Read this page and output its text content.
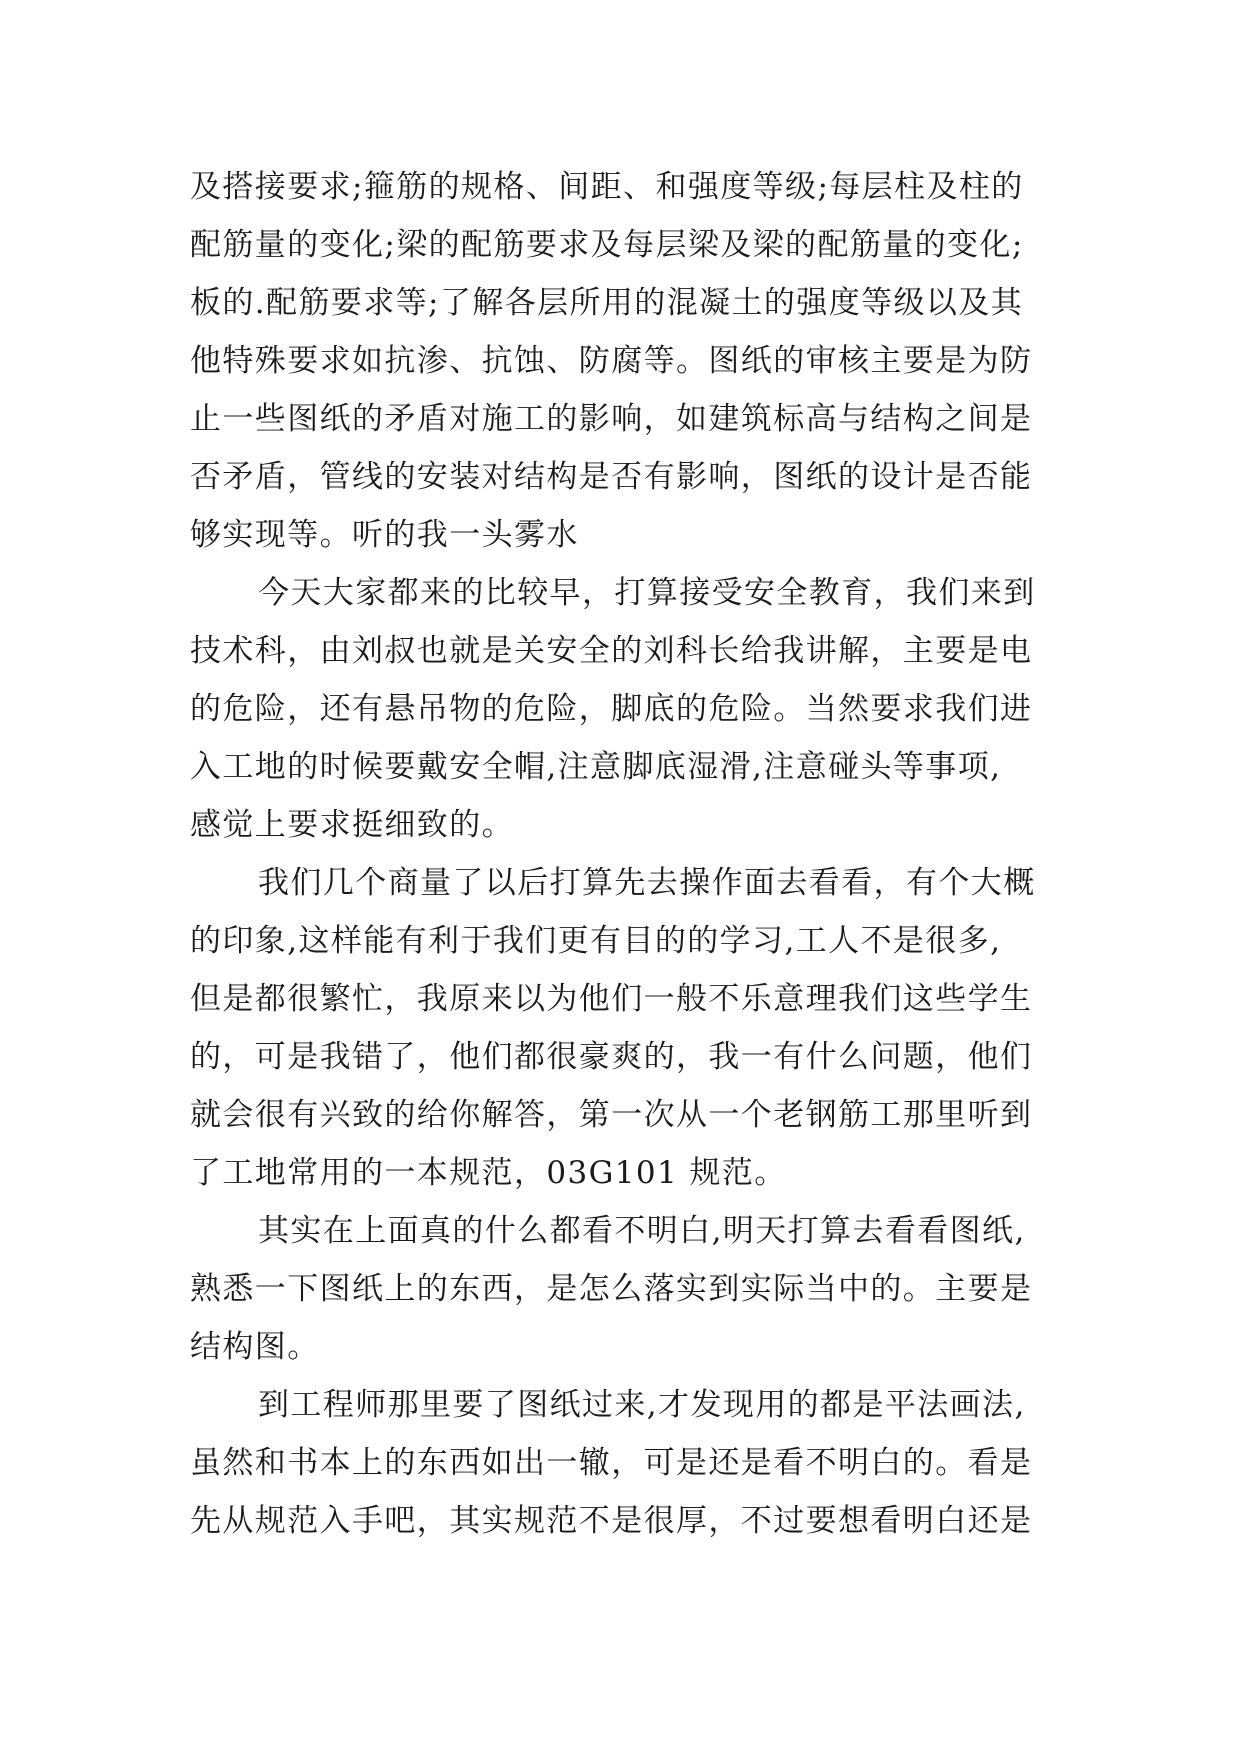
及搭接要求;箍筋的规格、间距、和强度等级;每层柱及柱的
配筋量的变化;梁的配筋要求及每层梁及梁的配筋量的变化;
板的.配筋要求等;了解各层所用的混凝土的强度等级以及其
他特殊要求如抗渗、抗蚀、防腐等。图纸的审核主要是为防
止一些图纸的矛盾对施工的影响，如建筑标高与结构之间是
否矛盾，管线的安装对结构是否有影响，图纸的设计是否能
够实现等。听的我一头雾水
今天大家都来的比较早，打算接受安全教育，我们来到
技术科，由刘叔也就是关安全的刘科长给我讲解，主要是电
的危险，还有悬吊物的危险，脚底的危险。当然要求我们进
入工地的时候要戴安全帽,注意脚底湿滑,注意碰头等事项,
感觉上要求挺细致的。
我们几个商量了以后打算先去操作面去看看，有个大概
的印象,这样能有利于我们更有目的的学习,工人不是很多,
但是都很繁忙，我原来以为他们一般不乐意理我们这些学生
的，可是我错了，他们都很豪爽的，我一有什么问题，他们
就会很有兴致的给你解答，第一次从一个老钢筋工那里听到
了工地常用的一本规范，03G101 规范。
其实在上面真的什么都看不明白,明天打算去看看图纸,
熟悉一下图纸上的东西，是怎么落实到实际当中的。主要是
结构图。
到工程师那里要了图纸过来,才发现用的都是平法画法,
虽然和书本上的东西如出一辙，可是还是看不明白的。看是
先从规范入手吧，其实规范不是很厚，不过要想看明白还是
